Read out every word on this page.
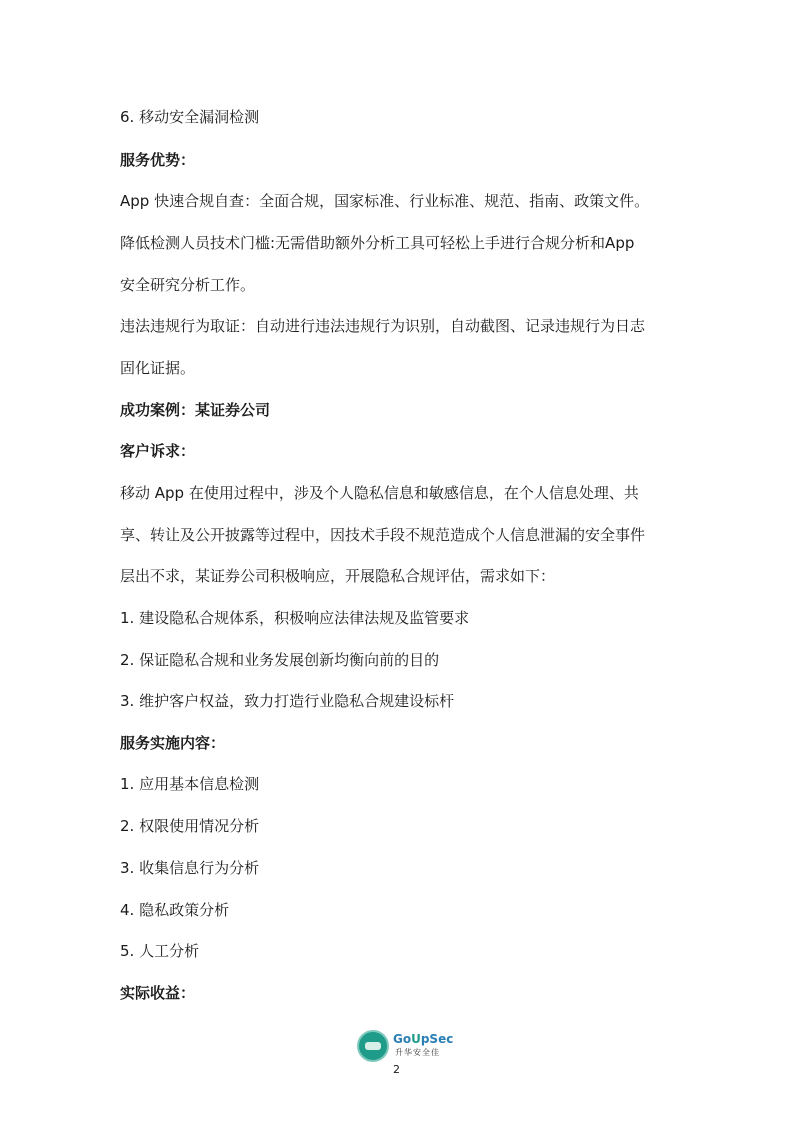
6. 移动安全漏洞检测

服务优势：

App 快速合规自查：全面合规，国家标准、行业标准、规范、指南、政策文件。

降低检测人员技术门槛:无需借助额外分析工具可轻松上手进行合规分析和App

安全研究分析工作。

违法违规行为取证：自动进行违法违规行为识别，自动截图、记录违规行为日志

固化证据。

成功案例：某证券公司

客户诉求：

移动 App 在使用过程中，涉及个人隐私信息和敏感信息，在个人信息处理、共

享、转让及公开披露等过程中，因技术手段不规范造成个人信息泄漏的安全事件

层出不求，某证券公司积极响应，开展隐私合规评估，需求如下：

1. 建设隐私合规体系，积极响应法律法规及监管要求

2. 保证隐私合规和业务发展创新均衡向前的目的

3. 维护客户权益，致力打造行业隐私合规建设标杆

服务实施内容：

1. 应用基本信息检测

2. 权限使用情况分析

3. 收集信息行为分析

4. 隐私政策分析

5. 人工分析

实际收益：

GoUpSec
升华安全佳
2
